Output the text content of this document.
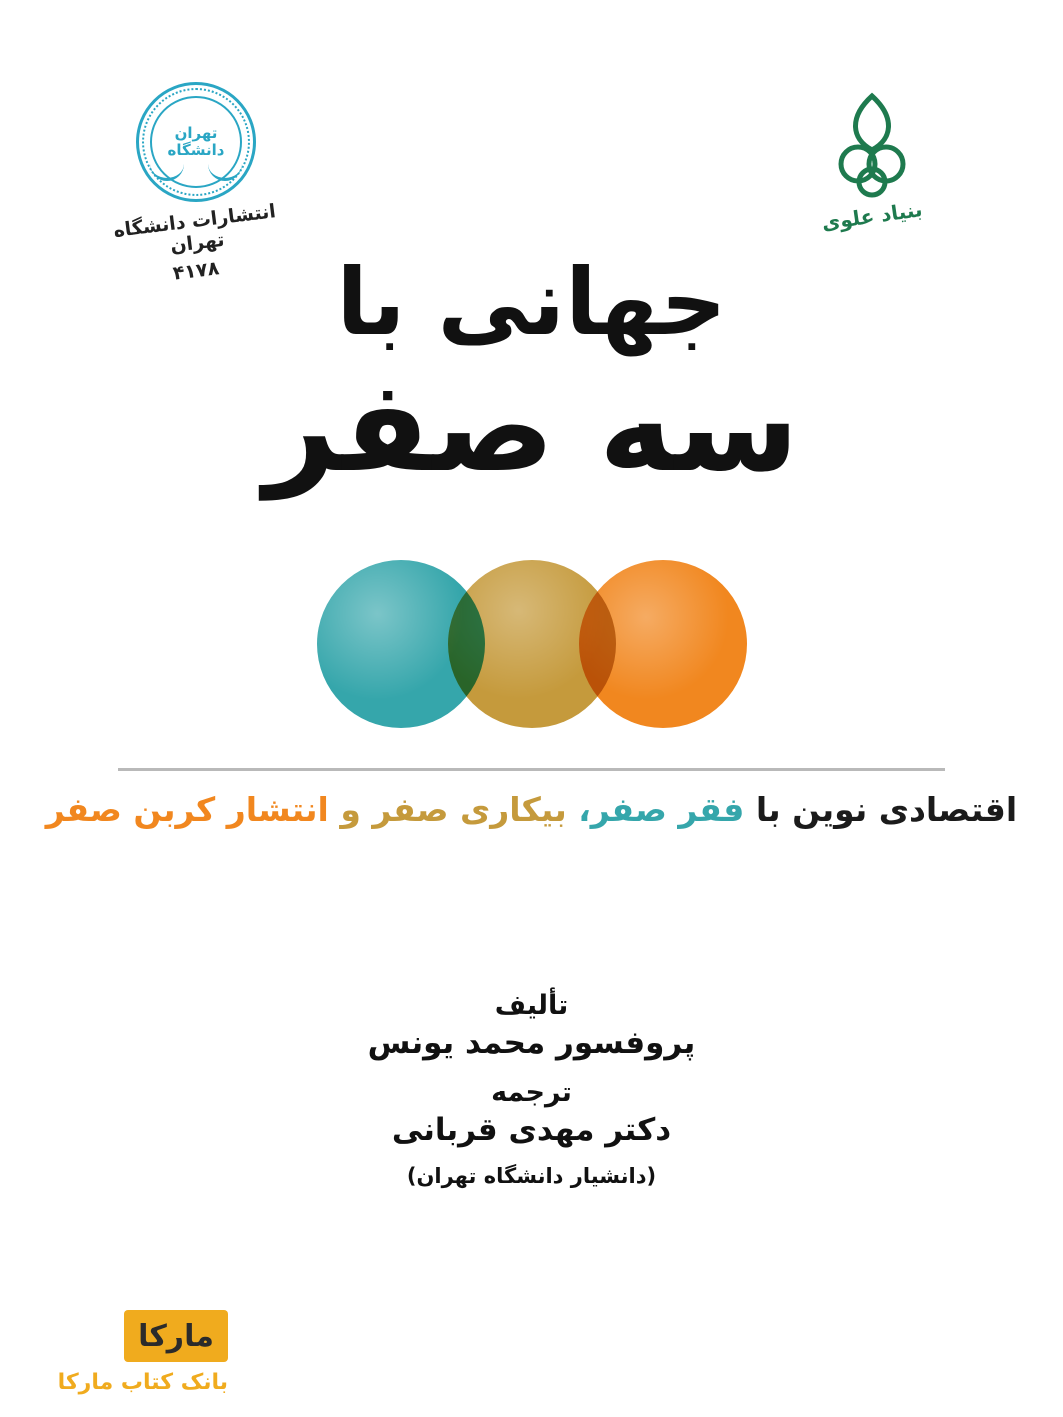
تهران دانشگاه
انتشارات دانشگاه تهران
۴۱۷۸
بنیاد علوی
جهانی با
سه صفر
اقتصادی نوین با فقر صفر، بیکاری صفر و انتشار کربن صفر
تألیف
پروفسور محمد یونس
ترجمه
دکتر مهدی قربانی
(دانشیار دانشگاه تهران)
مارکا
بانک کتاب مارکا
